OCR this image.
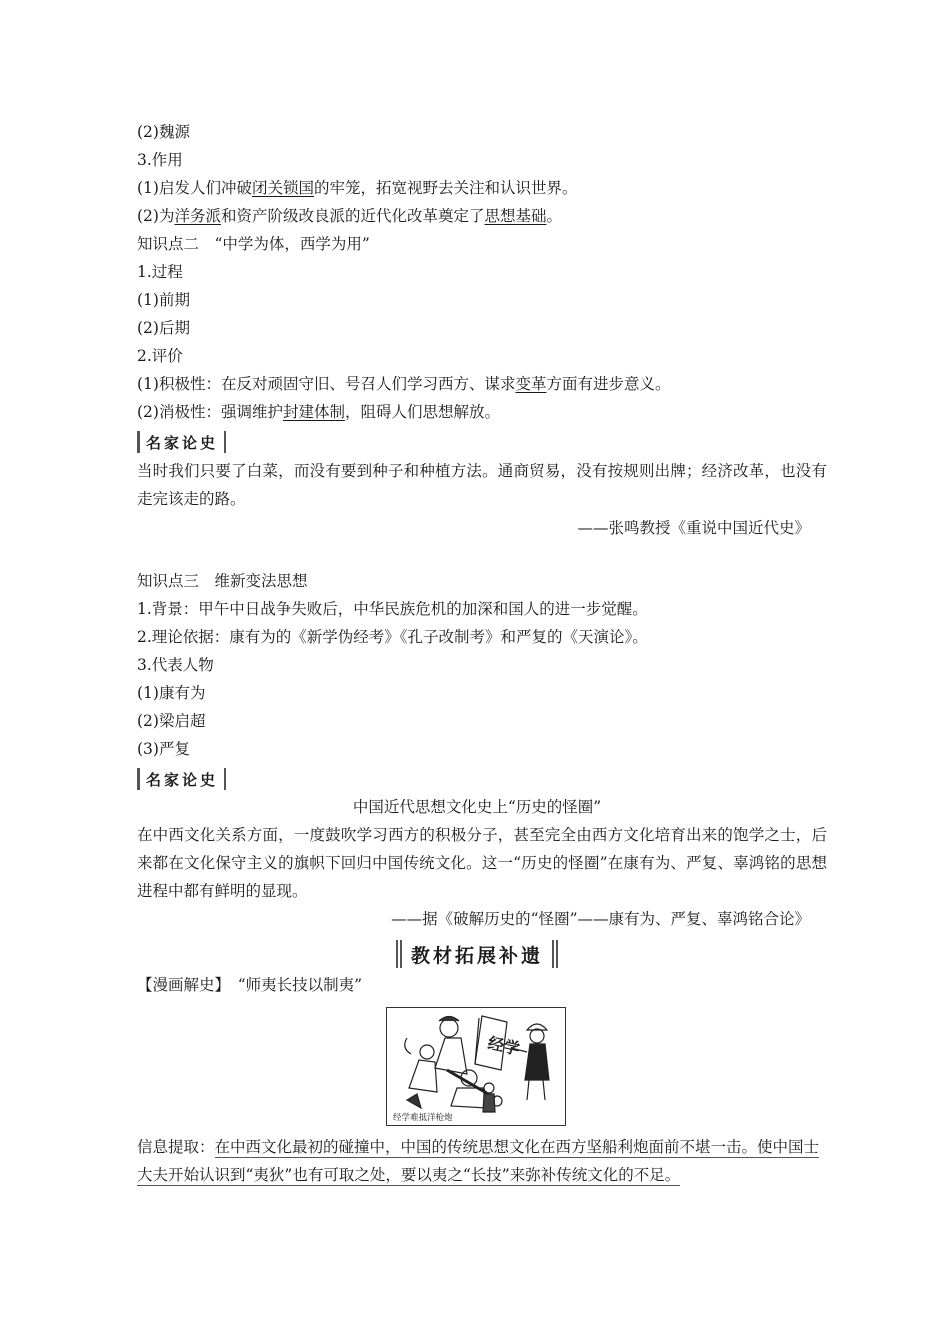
(2)魏源
3.作用
(1)启发人们冲破闭关锁国的牢笼，拓宽视野去关注和认识世界。
(2)为洋务派和资产阶级改良派的近代化改革奠定了思想基础。
知识点二　“中学为体，西学为用”
1.过程
(1)前期
(2)后期
2.评价
(1)积极性：在反对顽固守旧、号召人们学习西方、谋求变革方面有进步意义。
(2)消极性：强调维护封建体制，阻碍人们思想解放。
名家论史
当时我们只要了白菜，而没有要到种子和种植方法。通商贸易，没有按规则出牌；经济改革，也没有走完该走的路。
——张鸣教授《重说中国近代史》
知识点三　维新变法思想
1.背景：甲午中日战争失败后，中华民族危机的加深和国人的进一步觉醒。
2.理论依据：康有为的《新学伪经考》《孔子改制考》和严复的《天演论》。
3.代表人物
(1)康有为
(2)梁启超
(3)严复
名家论史
中国近代思想文化史上“历史的怪圈”
在中西文化关系方面，一度鼓吹学习西方的积极分子，甚至完全由西方文化培育出来的饱学之士，后来都在文化保守主义的旗帜下回归中国传统文化。这一“历史的怪圈”在康有为、严复、辜鸿铭的思想进程中都有鲜明的显现。
——据《破解历史的“怪圈”——康有为、严复、辜鸿铭合论》
教材拓展补遗
【漫画解史】　“师夷长技以制夷”
经学
经学难抵洋枪炮
信息提取：在中西文化最初的碰撞中，中国的传统思想文化在西方坚船利炮面前不堪一击。使中国士大夫开始认识到“夷狄”也有可取之处，要以夷之“长技”来弥补传统文化的不足。
